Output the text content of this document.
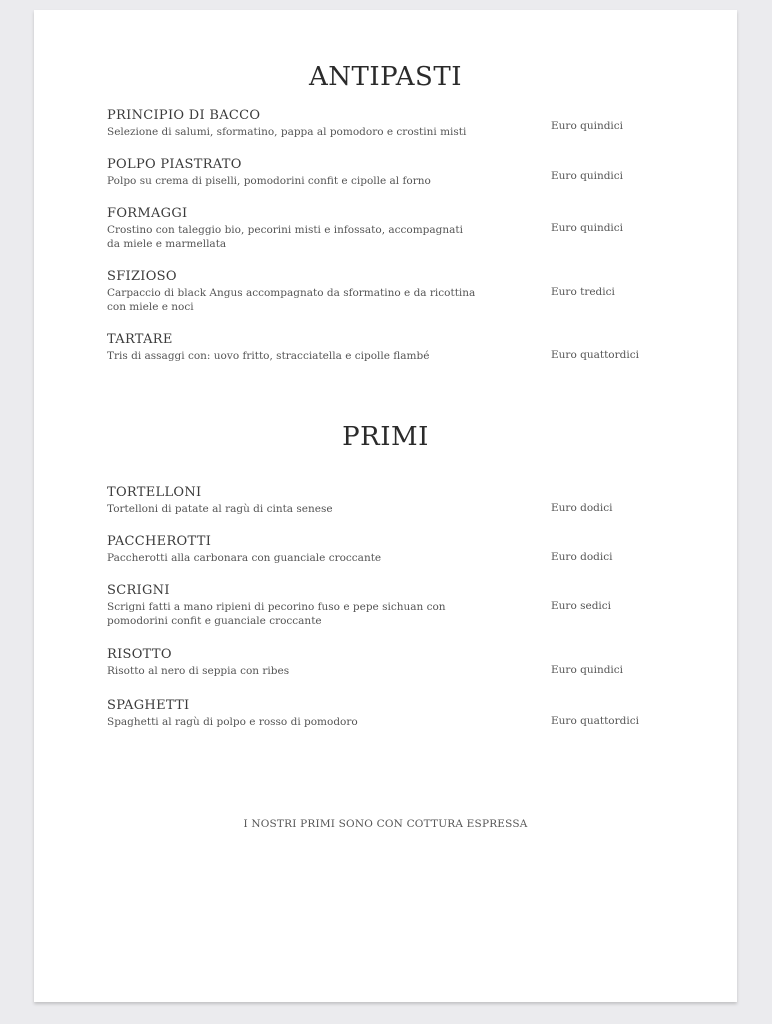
ANTIPASTI
PRINCIPIO DI BACCO
Selezione di salumi, sformatino, pappa al pomodoro e crostini misti	Euro quindici
POLPO PIASTRATO
Polpo su crema di piselli, pomodorini confit e cipolle al forno	Euro quindici
FORMAGGI
Crostino con taleggio bio, pecorini misti e infossato, accompagnati da miele e marmellata
Euro quindici
SFIZIOSO
Carpaccio di black Angus accompagnato da sformatino e da ricottina con miele e noci
Euro tredici
TARTARE
Tris di assaggi con: uovo fritto, stracciatella e cipolle flambé	Euro quattordici
PRIMI
TORTELLONI
Tortelloni di patate al ragù di cinta senese	Euro dodici
PACCHEROTTI
Paccherotti alla carbonara con guanciale croccante	Euro dodici
SCRIGNI
Scrigni fatti a mano ripieni di pecorino fuso e pepe sichuan con pomodorini confit e guanciale croccante
Euro sedici
RISOTTO
Risotto al nero di seppia con ribes	Euro quindici
SPAGHETTI
Spaghetti al ragù di polpo e rosso di pomodoro	Euro quattordici
I NOSTRI PRIMI SONO CON COTTURA ESPRESSA
